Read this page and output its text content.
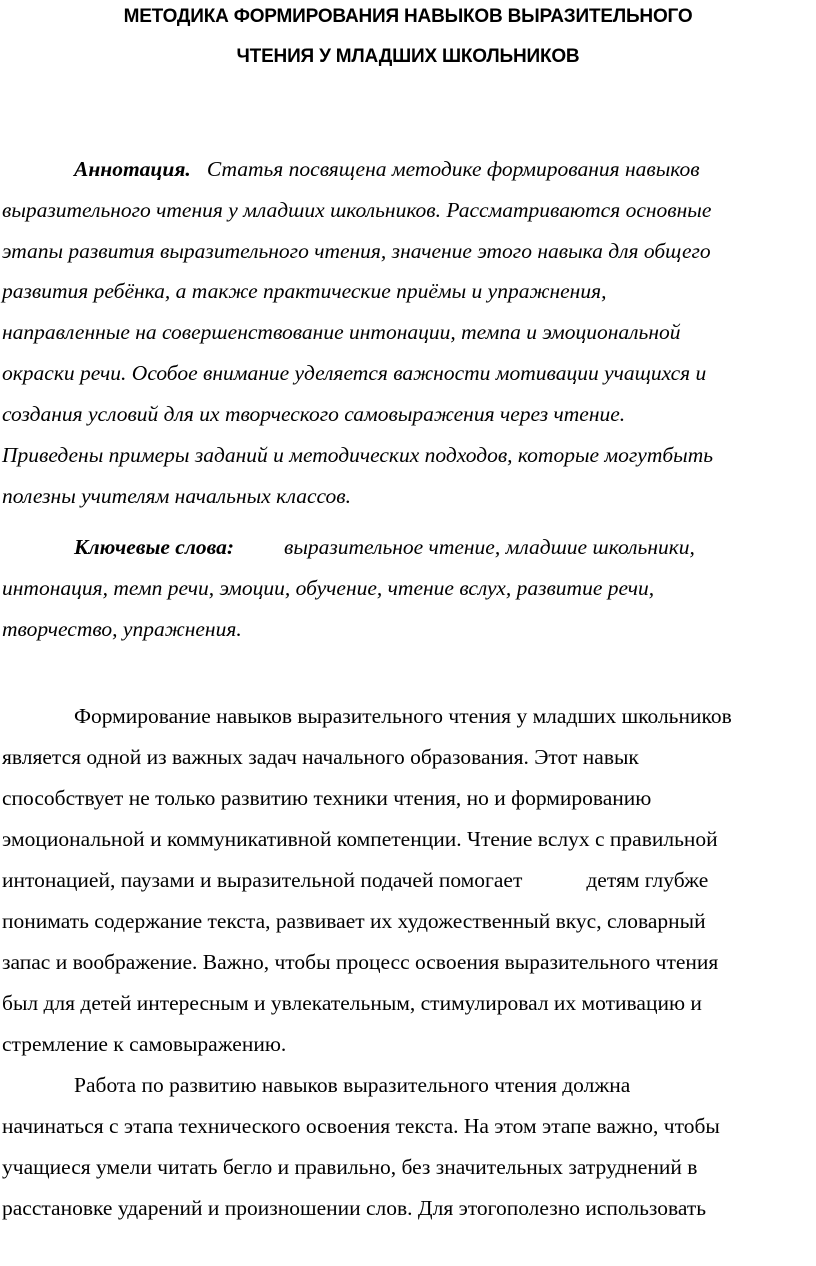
МЕТОДИКА ФОРМИРОВАНИЯ НАВЫКОВ ВЫРАЗИТЕЛЬНОГО
ЧТЕНИЯ У МЛАДШИХ ШКОЛЬНИКОВ
Аннотация. Статья посвящена методике формирования навыков
выразительного чтения у младших школьников. Рассматриваются основные
этапы развития выразительного чтения, значение этого навыка для общего
развития ребёнка, а также практические приёмы и упражнения,
направленные на совершенствование интонации, темпа и эмоциональной
окраски речи. Особое внимание уделяется важности мотивации учащихся и
создания условий для их творческого самовыражения через чтение.
Приведены примеры заданий и методических подходов, которые могутбыть
полезны учителям начальных классов.
Ключевые слова: выразительное чтение, младшие школьники,
интонация, темп речи, эмоции, обучение, чтение вслух, развитие речи,
творчество, упражнения.
Формирование навыков выразительного чтения у младших школьников
является одной из важных задач начального образования. Этот навык
способствует не только развитию техники чтения, но и формированию
эмоциональной и коммуникативной компетенции. Чтение вслух с правильной
интонацией, паузами и выразительной подачей помогает	детям глубже
понимать содержание текста, развивает их художественный вкус, словарный
запас и воображение. Важно, чтобы процесс освоения выразительного чтения
был для детей интересным и увлекательным, стимулировал их мотивацию и
стремление к самовыражению.
Работа по развитию навыков выразительного чтения должна
начинаться с этапа технического освоения текста. На этом этапе важно, чтобы
учащиеся умели читать бегло и правильно, без значительных затруднений в
расстановке ударений и произношении слов. Для этогополезно использовать
